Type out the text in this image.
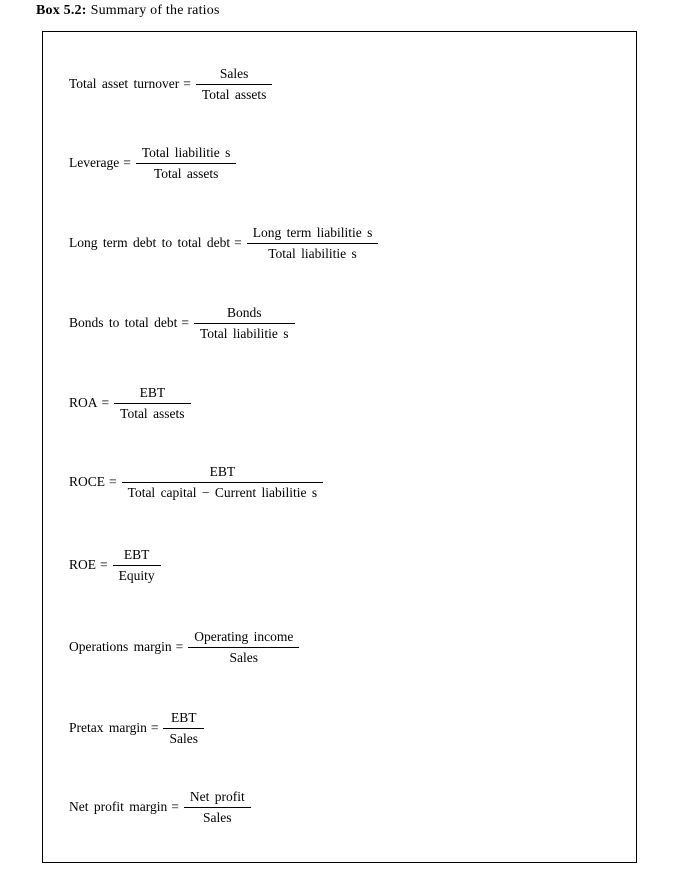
Box 5.2: Summary of the ratios
Total asset turnover = $\frac{\text{Sales}}{\text{Total assets}}$
Leverage = $\frac{\text{Total liabilitie s}}{\text{Total assets}}$
Long term debt to total debt = $\frac{\text{Long term liabilitie s}}{\text{Total liabilitie s}}$
Bonds to total debt = $\frac{\text{Bonds}}{\text{Total liabilitie s}}$
ROA = $\frac{\text{EBT}}{\text{Total assets}}$
ROCE = $\frac{\text{EBT}}{\text{Total capital − Current liabilitie s}}$
ROE = $\frac{\text{EBT}}{\text{Equity}}$
Operations margin = $\frac{\text{Operating income}}{\text{Sales}}$
Pretax margin = $\frac{\text{EBT}}{\text{Sales}}$
Net profit margin = $\frac{\text{Net profit}}{\text{Sales}}$
